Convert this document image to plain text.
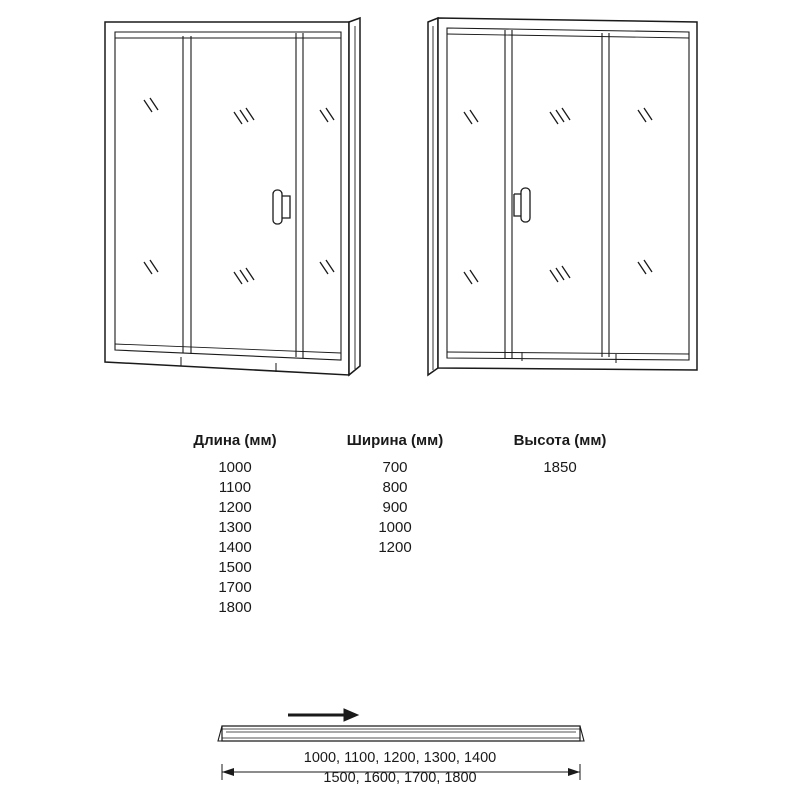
Длина (мм)
1000
1100
1200
1300
1400
1500
1700
1800
Ширина (мм)
700
800
900
1000
1200
Высота (мм)
1850
1000, 1100, 1200, 1300, 1400
1500, 1600, 1700, 1800
